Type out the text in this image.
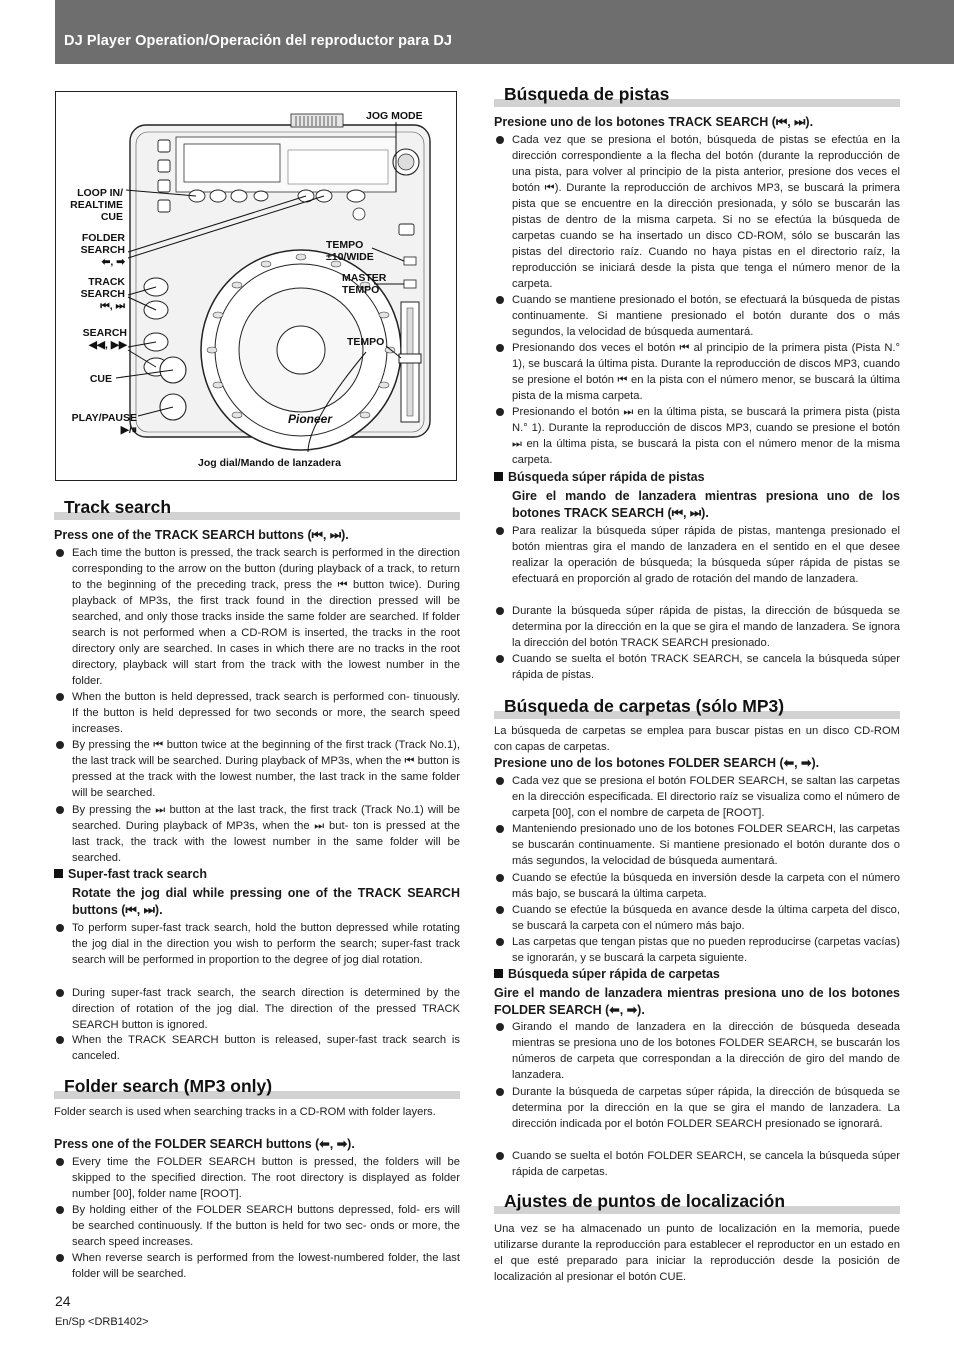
DJ Player Operation/Operación del reproductor para DJ
Pioneer
JOG MODE
LOOP IN/
REALTIME
CUE
FOLDER
SEARCH
⬅, ➡
TRACK
SEARCH
⏮, ⏭
SEARCH
◀◀, ▶▶
CUE
PLAY/PAUSE
▶/⏸
TEMPO
±10/WIDE
MASTER
TEMPO
TEMPO
Jog dial/Mando de lanzadera
Track search
Press one of the TRACK SEARCH buttons (⏮, ⏭).
Each time the button is pressed, the track search is performed in the direction corresponding to the arrow on the button (during playback of a track, to return to the beginning of the preceding track, press the ⏮ button twice). During playback of MP3s, the first track found in the direction pressed will be searched, and only those tracks inside the same folder are searched. If folder search is not performed when a CD-ROM is inserted, the tracks in the root directory only are searched. In cases in which there are no tracks in the root directory, playback will start from the track with the lowest number in the folder.
When the button is held depressed, track search is performed con- tinuously. If the button is held depressed for two seconds or more, the search speed increases.
By pressing the ⏮ button twice at the beginning of the first track (Track No.1), the last track will be searched. During playback of MP3s, when the ⏮ button is pressed at the track with the lowest number, the last track in the same folder will be searched.
By pressing the ⏭ button at the last track, the first track (Track No.1) will be searched. During playback of MP3s, when the ⏭ but- ton is pressed at the last track, the track with the lowest number in the same folder will be searched.
Super-fast track search
Rotate the jog dial while pressing one of the TRACK SEARCH buttons (⏮, ⏭).
To perform super-fast track search, hold the button depressed while rotating the jog dial in the direction you wish to perform the search; super-fast track search will be performed in proportion to the degree of jog dial rotation.
During super-fast track search, the search direction is determined by the direction of rotation of the jog dial. The direction of the pressed TRACK SEARCH button is ignored.
When the TRACK SEARCH button is released, super-fast track search is canceled.
Folder search (MP3 only)
Folder search is used when searching tracks in a CD-ROM with folder layers.
Press one of the FOLDER SEARCH buttons (⬅, ➡).
Every time the FOLDER SEARCH button is pressed, the folders will be skipped to the specified direction. The root directory is displayed as folder number [00], folder name [ROOT].
By holding either of the FOLDER SEARCH buttons depressed, fold- ers will be searched continuously. If the button is held for two sec- onds or more, the search speed increases.
When reverse search is performed from the lowest-numbered folder, the last folder will be searched.
Búsqueda de pistas
Presione uno de los botones TRACK SEARCH (⏮, ⏭).
Cada vez que se presiona el botón, búsqueda de pistas se efectúa en la dirección correspondiente a la flecha del botón (durante la reproducción de una pista, para volver al principio de la pista anterior, presione dos veces el botón ⏮). Durante la reproducción de archivos MP3, se buscará la primera pista que se encuentre en la dirección presionada, y sólo se buscarán las pistas de dentro de la misma carpeta. Si no se efectúa la búsqueda de carpetas cuando se ha insertado un disco CD-ROM, sólo se buscarán las pistas del directorio raíz. Cuando no haya pistas en el directorio raíz, la reproducción se iniciará desde la pista que tenga el número menor de la carpeta.
Cuando se mantiene presionado el botón, se efectuará la búsqueda de pistas continuamente. Si mantiene presionado el botón durante dos o más segundos, la velocidad de búsqueda aumentará.
Presionando dos veces el botón ⏮ al principio de la primera pista (Pista N.° 1), se buscará la última pista. Durante la reproducción de discos MP3, cuando se presione el botón ⏮ en la pista con el número menor, se buscará la última pista de la misma carpeta.
Presionando el botón ⏭ en la última pista, se buscará la primera pista (pista N.° 1). Durante la reproducción de discos MP3, cuando se presione el botón ⏭ en la última pista, se buscará la pista con el número menor de la misma carpeta.
Búsqueda súper rápida de pistas
Gire el mando de lanzadera mientras presiona uno de los botones TRACK SEARCH (⏮, ⏭).
Para realizar la búsqueda súper rápida de pistas, mantenga presionado el botón mientras gira el mando de lanzadera en el sentido en el que desee realizar la operación de búsqueda; la búsqueda súper rápida de pistas se efectuará en proporción al grado de rotación del mando de lanzadera.
Durante la búsqueda súper rápida de pistas, la dirección de búsqueda se determina por la dirección en la que se gira el mando de lanzadera. Se ignora la dirección del botón TRACK SEARCH presionado.
Cuando se suelta el botón TRACK SEARCH, se cancela la búsqueda súper rápida de pistas.
Búsqueda de carpetas (sólo MP3)
La búsqueda de carpetas se emplea para buscar pistas en un disco CD-ROM con capas de carpetas.
Presione uno de los botones FOLDER SEARCH (⬅, ➡).
Cada vez que se presiona el botón FOLDER SEARCH, se saltan las carpetas en la dirección especificada. El directorio raíz se visualiza como el número de carpeta [00], con el nombre de carpeta de [ROOT].
Manteniendo presionado uno de los botones FOLDER SEARCH, las carpetas se buscarán continuamente. Si mantiene presionado el botón durante dos o más segundos, la velocidad de búsqueda aumentará.
Cuando se efectúe la búsqueda en inversión desde la carpeta con el número más bajo, se buscará la última carpeta.
Cuando se efectúe la búsqueda en avance desde la última carpeta del disco, se buscará la carpeta con el número más bajo.
Las carpetas que tengan pistas que no pueden reproducirse (carpetas vacías) se ignorarán, y se buscará la carpeta siguiente.
Búsqueda súper rápida de carpetas
Gire el mando de lanzadera mientras presiona uno de los botones FOLDER SEARCH (⬅, ➡).
Girando el mando de lanzadera en la dirección de búsqueda deseada mientras se presiona uno de los botones FOLDER SEARCH, se buscarán los números de carpeta que correspondan a la dirección de giro del mando de lanzadera.
Durante la búsqueda de carpetas súper rápida, la dirección de búsqueda se determina por la dirección en la que se gira el mando de lanzadera. La dirección indicada por el botón FOLDER SEARCH presionado se ignorará.
Cuando se suelta el botón FOLDER SEARCH, se cancela la búsqueda súper rápida de carpetas.
Ajustes de puntos de localización
Una vez se ha almacenado un punto de localización en la memoria, puede utilizarse durante la reproducción para establecer el reproductor en un estado en el que esté preparado para iniciar la reproducción desde la posición de localización al presionar el botón CUE.
24
En/Sp <DRB1402>
